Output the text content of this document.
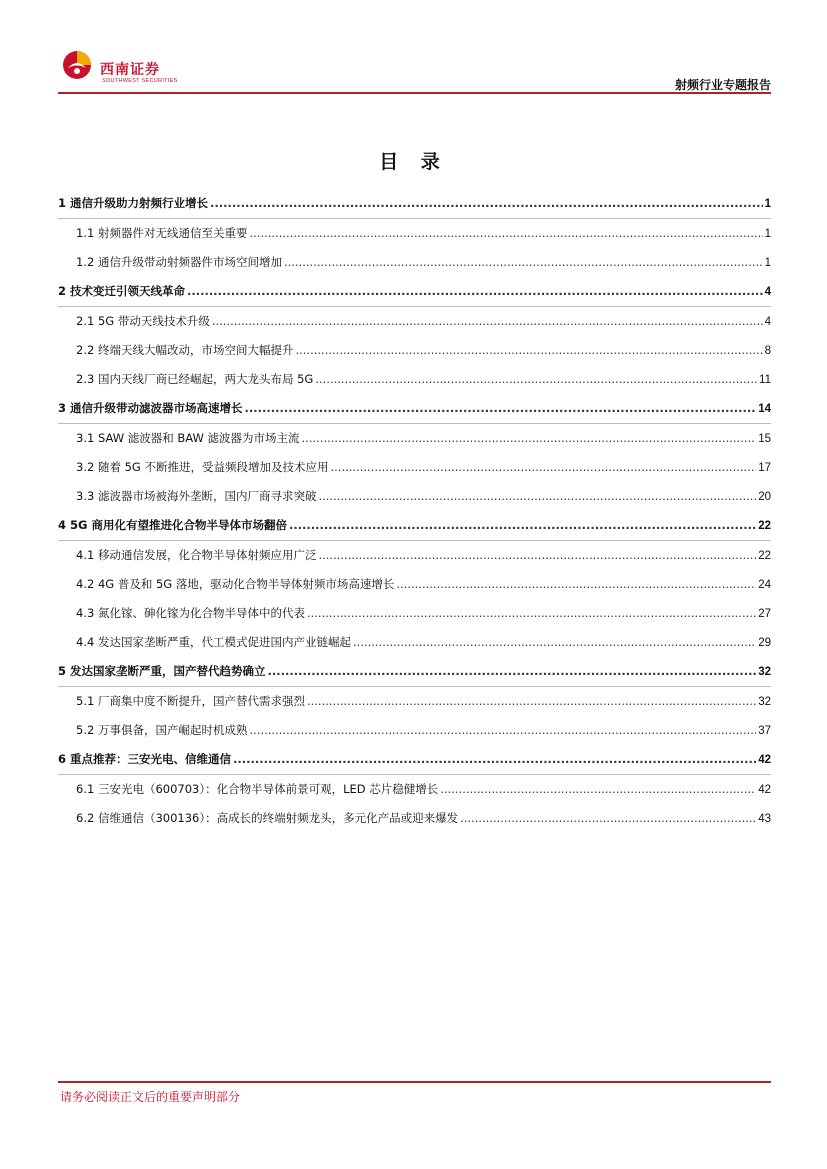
西南证券
SOUTHWEST SECURITIES	射频行业专题报告
目 录
1 通信升级助力射频行业增长 .....	1
1.1 射频器件对无线通信至关重要 .....	1
1.2 通信升级带动射频器件市场空间增加 .....	1
2 技术变迁引领天线革命 .....	4
2.1 5G 带动天线技术升级 .....	4
2.2 终端天线大幅改动，市场空间大幅提升 .....	8
2.3 国内天线厂商已经崛起，两大龙头布局 5G .....	11
3 通信升级带动滤波器市场高速增长 .....	14
3.1 SAW 滤波器和 BAW 滤波器为市场主流 .....	15
3.2 随着 5G 不断推进，受益频段增加及技术应用 .....	17
3.3 滤波器市场被海外垄断，国内厂商寻求突破 .....	20
4 5G 商用化有望推进化合物半导体市场翻倍 .....	22
4.1 移动通信发展，化合物半导体射频应用广泛 .....	22
4.2 4G 普及和 5G 落地，驱动化合物半导体射频市场高速增长 .....	24
4.3 氮化镓、砷化镓为化合物半导体中的代表 .....	27
4.4 发达国家垄断严重，代工模式促进国内产业链崛起 .....	29
5 发达国家垄断严重，国产替代趋势确立 .....	32
5.1 厂商集中度不断提升，国产替代需求强烈 .....	32
5.2 万事俱备，国产崛起时机成熟 .....	37
6 重点推荐：三安光电、信维通信 .....	42
6.1 三安光电（600703）：化合物半导体前景可观，LED 芯片稳健增长 .....	42
6.2 信维通信（300136）：高成长的终端射频龙头，多元化产品或迎来爆发 .....	43
请务必阅读正文后的重要声明部分
